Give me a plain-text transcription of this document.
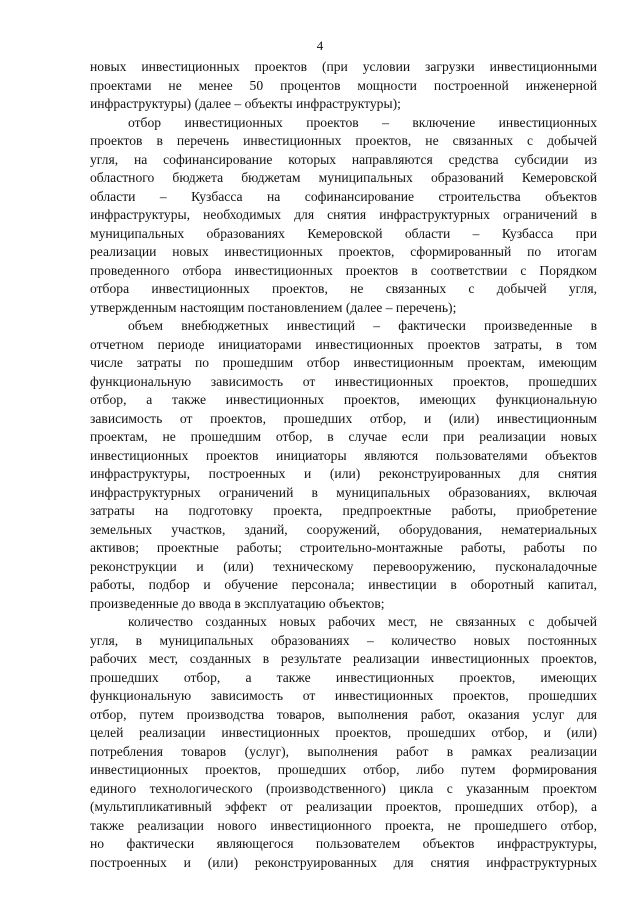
4
новых инвестиционных проектов (при условии загрузки инвестиционными
проектами не менее 50 процентов мощности построенной инженерной
инфраструктуры) (далее – объекты инфраструктуры);
отбор инвестиционных проектов – включение инвестиционных
проектов в перечень инвестиционных проектов, не связанных с добычей
угля, на софинансирование которых направляются средства субсидии из
областного бюджета бюджетам муниципальных образований Кемеровской
области – Кузбасса на софинансирование строительства объектов
инфраструктуры, необходимых для снятия инфраструктурных ограничений в
муниципальных образованиях Кемеровской области – Кузбасса при
реализации новых инвестиционных проектов, сформированный по итогам
проведенного отбора инвестиционных проектов в соответствии с Порядком
отбора инвестиционных проектов, не связанных с добычей угля,
утвержденным настоящим постановлением (далее – перечень);
объем внебюджетных инвестиций – фактически произведенные в
отчетном периоде инициаторами инвестиционных проектов затраты, в том
числе затраты по прошедшим отбор инвестиционным проектам, имеющим
функциональную зависимость от инвестиционных проектов, прошедших
отбор, а также инвестиционных проектов, имеющих функциональную
зависимость от проектов, прошедших отбор, и (или) инвестиционным
проектам, не прошедшим отбор, в случае если при реализации новых
инвестиционных проектов инициаторы являются пользователями объектов
инфраструктуры, построенных и (или) реконструированных для снятия
инфраструктурных ограничений в муниципальных образованиях, включая
затраты на подготовку проекта, предпроектные работы, приобретение
земельных участков, зданий, сооружений, оборудования, нематериальных
активов; проектные работы; строительно-монтажные работы, работы по
реконструкции и (или) техническому перевооружению, пусконаладочные
работы, подбор и обучение персонала; инвестиции в оборотный капитал,
произведенные до ввода в эксплуатацию объектов;
количество созданных новых рабочих мест, не связанных с добычей
угля, в муниципальных образованиях – количество новых постоянных
рабочих мест, созданных в результате реализации инвестиционных проектов,
прошедших отбор, а также инвестиционных проектов, имеющих
функциональную зависимость от инвестиционных проектов, прошедших
отбор, путем производства товаров, выполнения работ, оказания услуг для
целей реализации инвестиционных проектов, прошедших отбор, и (или)
потребления товаров (услуг), выполнения работ в рамках реализации
инвестиционных проектов, прошедших отбор, либо путем формирования
единого технологического (производственного) цикла с указанным проектом
(мультипликативный эффект от реализации проектов, прошедших отбор), а
также реализации нового инвестиционного проекта, не прошедшего отбор,
но фактически являющегося пользователем объектов инфраструктуры,
построенных и (или) реконструированных для снятия инфраструктурных
